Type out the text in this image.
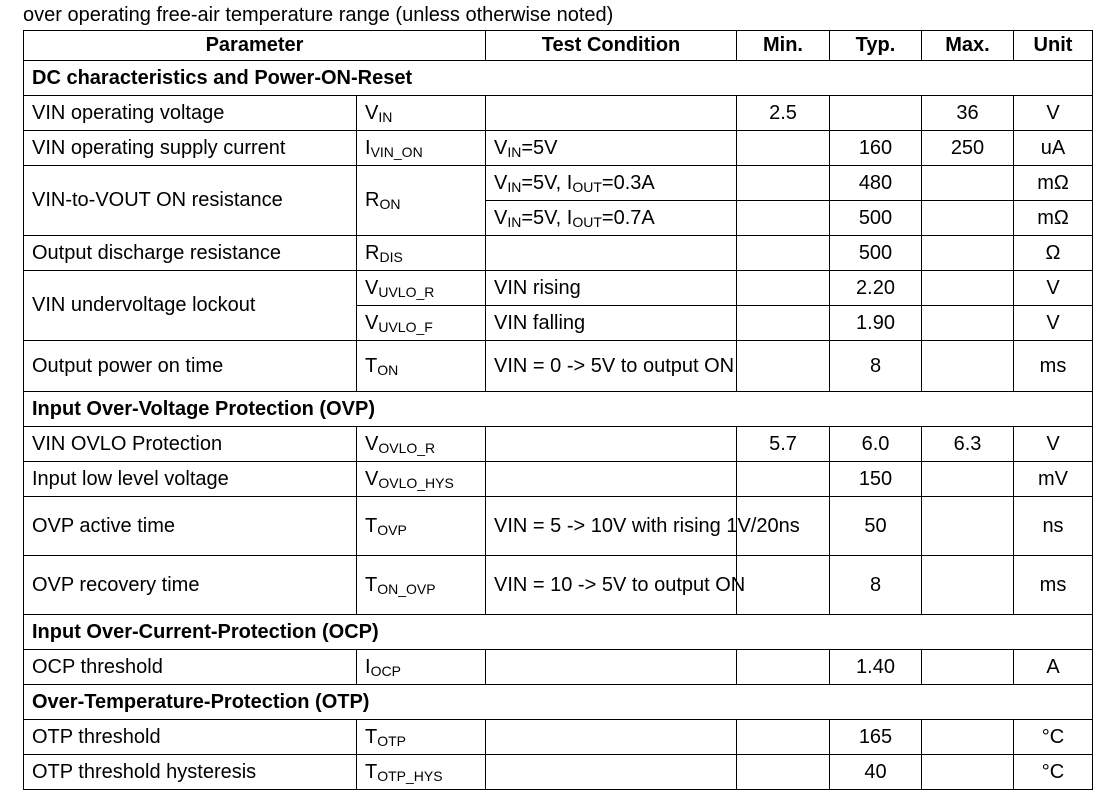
over operating free-air temperature range (unless otherwise noted)
Parameter		Test Condition	Min.	Typ.	Max.	Unit
DC characteristics and Power-ON-Reset						
VIN operating voltage	$V_{IN}$		2.5		36	V
VIN operating supply current	$I_{VIN\_ON}$	$V_{IN}=5V$		160	250	uA
VIN-to-VOUT ON resistance	$R_{ON}$	$V_{IN}=5V$, $I_{OUT}=0.3A$		480		mΩ
		$V_{IN}=5V$, $I_{OUT}=0.7A$		500		mΩ
Output discharge resistance	$R_{DIS}$			500		Ω
VIN undervoltage lockout	$V_{UVLO\_R}$	VIN rising		2.20		V
	$V_{UVLO\_F}$	VIN falling		1.90		V
Output power on time	$T_{ON}$	VIN = 0 -> 5V to output ON		8		ms
Input Over-Voltage Protection (OVP)						
VIN OVLO Protection	$V_{OVLO\_R}$		5.7	6.0	6.3	V
Input low level voltage	$V_{OVLO\_HYS}$			150		mV
OVP active time	$T_{OVP}$	VIN = 5 -> 10V with rising 1V/20ns		50		ns
OVP recovery time	$T_{ON\_OVP}$	VIN = 10 -> 5V to output ON		8		ms
Input Over-Current-Protection (OCP)						
OCP threshold	$I_{OCP}$			1.40		A
Over-Temperature-Protection (OTP)						
OTP threshold	$T_{OTP}$			165		°C
OTP threshold hysteresis	$T_{OTP\_HYS}$			40		°C
